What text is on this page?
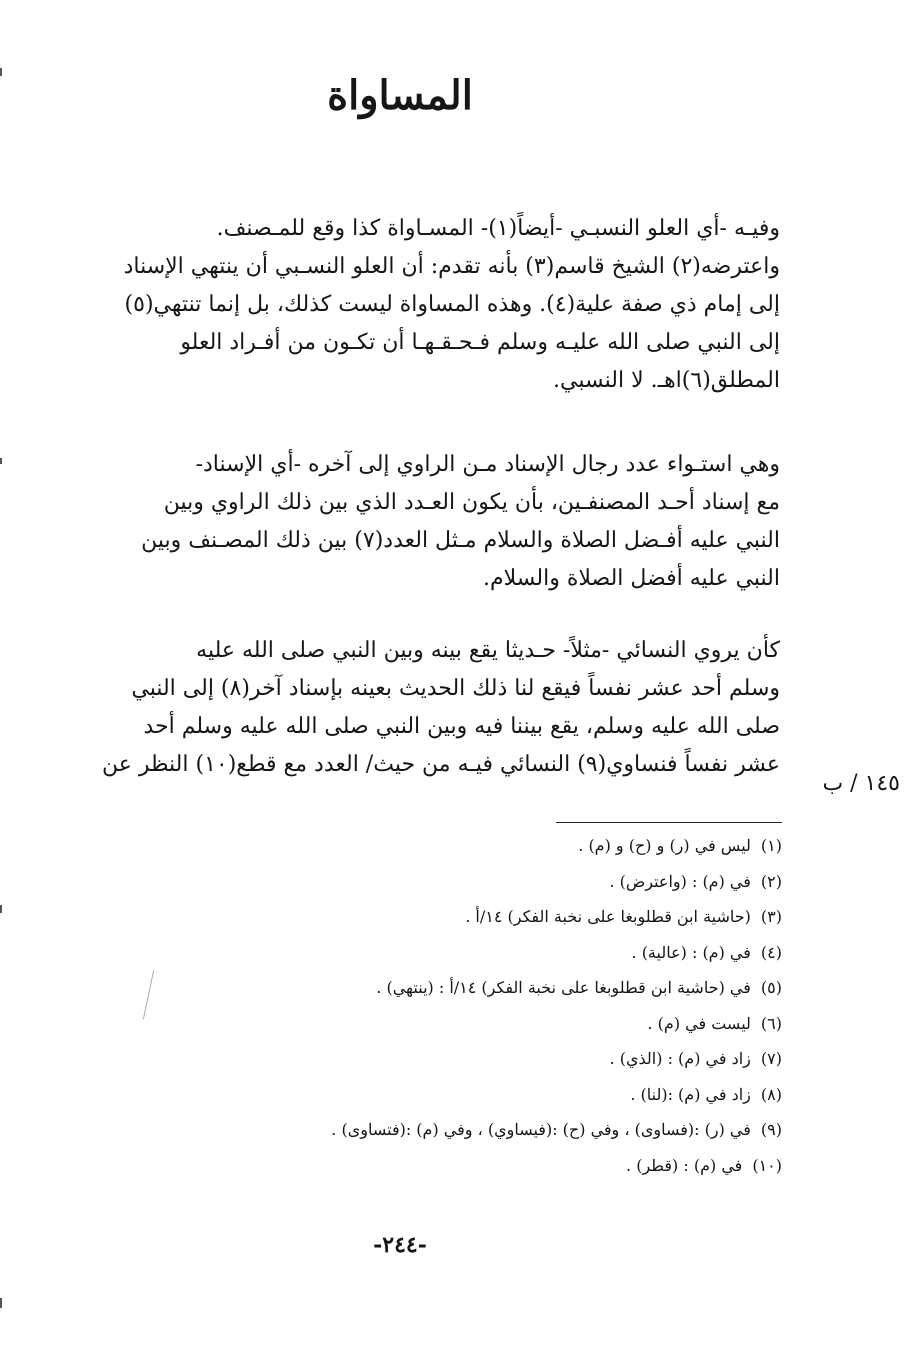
المساواة
وفيـه -أي العلو النسبـي -أيضاً(١)- المسـاواة كذا وقع للمـصنف.
واعترضه(٢) الشيخ قاسم(٣) بأنه تقدم: أن العلو النسـبي أن ينتهي الإسناد
إلى إمام ذي صفة علية(٤). وهذه المساواة ليست كذلك، بل إنما تنتهي(٥)
إلى النبي صلى الله عليـه وسلم فـحـقـهـا أن تكـون من أفـراد العلو
المطلق(٦)اهـ. لا النسبي.
وهي استـواء عدد رجال الإسناد مـن الراوي إلى آخره -أي الإسناد-
مع إسناد أحـد المصنفـين، بأن يكون العـدد الذي بين ذلك الراوي وبين
النبي عليه أفـضل الصلاة والسلام مـثل العدد(٧) بين ذلك المصـنف وبين
النبي عليه أفضل الصلاة والسلام.
كأن يروي النسائي -مثلاً- حـديثا يقع بينه وبين النبي صلى الله عليه
وسلم أحد عشر نفساً فيقع لنا ذلك الحديث بعينه بإسناد آخر(٨) إلى النبي
صلى الله عليه وسلم، يقع بيننا فيه وبين النبي صلى الله عليه وسلم أحد
عشر نفساً فنساوي(٩) النسائي فيـه من حيث/ العدد مع قطع(١٠) النظر عن
١٤٥ / ب
(١)ليس في (ر) و (ح) و (م) .
(٢)في (م) : (واعترض) .
(٣)(حاشية ابن قطلوبغا على نخبة الفكر) ١٤/أ .
(٤)في (م) : (عالية) .
(٥)في (حاشية ابن قطلوبغا على نخبة الفكر) ١٤/أ : (ينتهي) .
(٦)ليست في (م) .
(٧)زاد في (م) : (الذي) .
(٨)زاد في (م) :(لنا) .
(٩)في (ر) :(فساوى) ، وفي (ح) :(فيساوي) ، وفي (م) :(فتساوى) .
(١٠)في (م) : (قطر) .
-٢٤٤-
